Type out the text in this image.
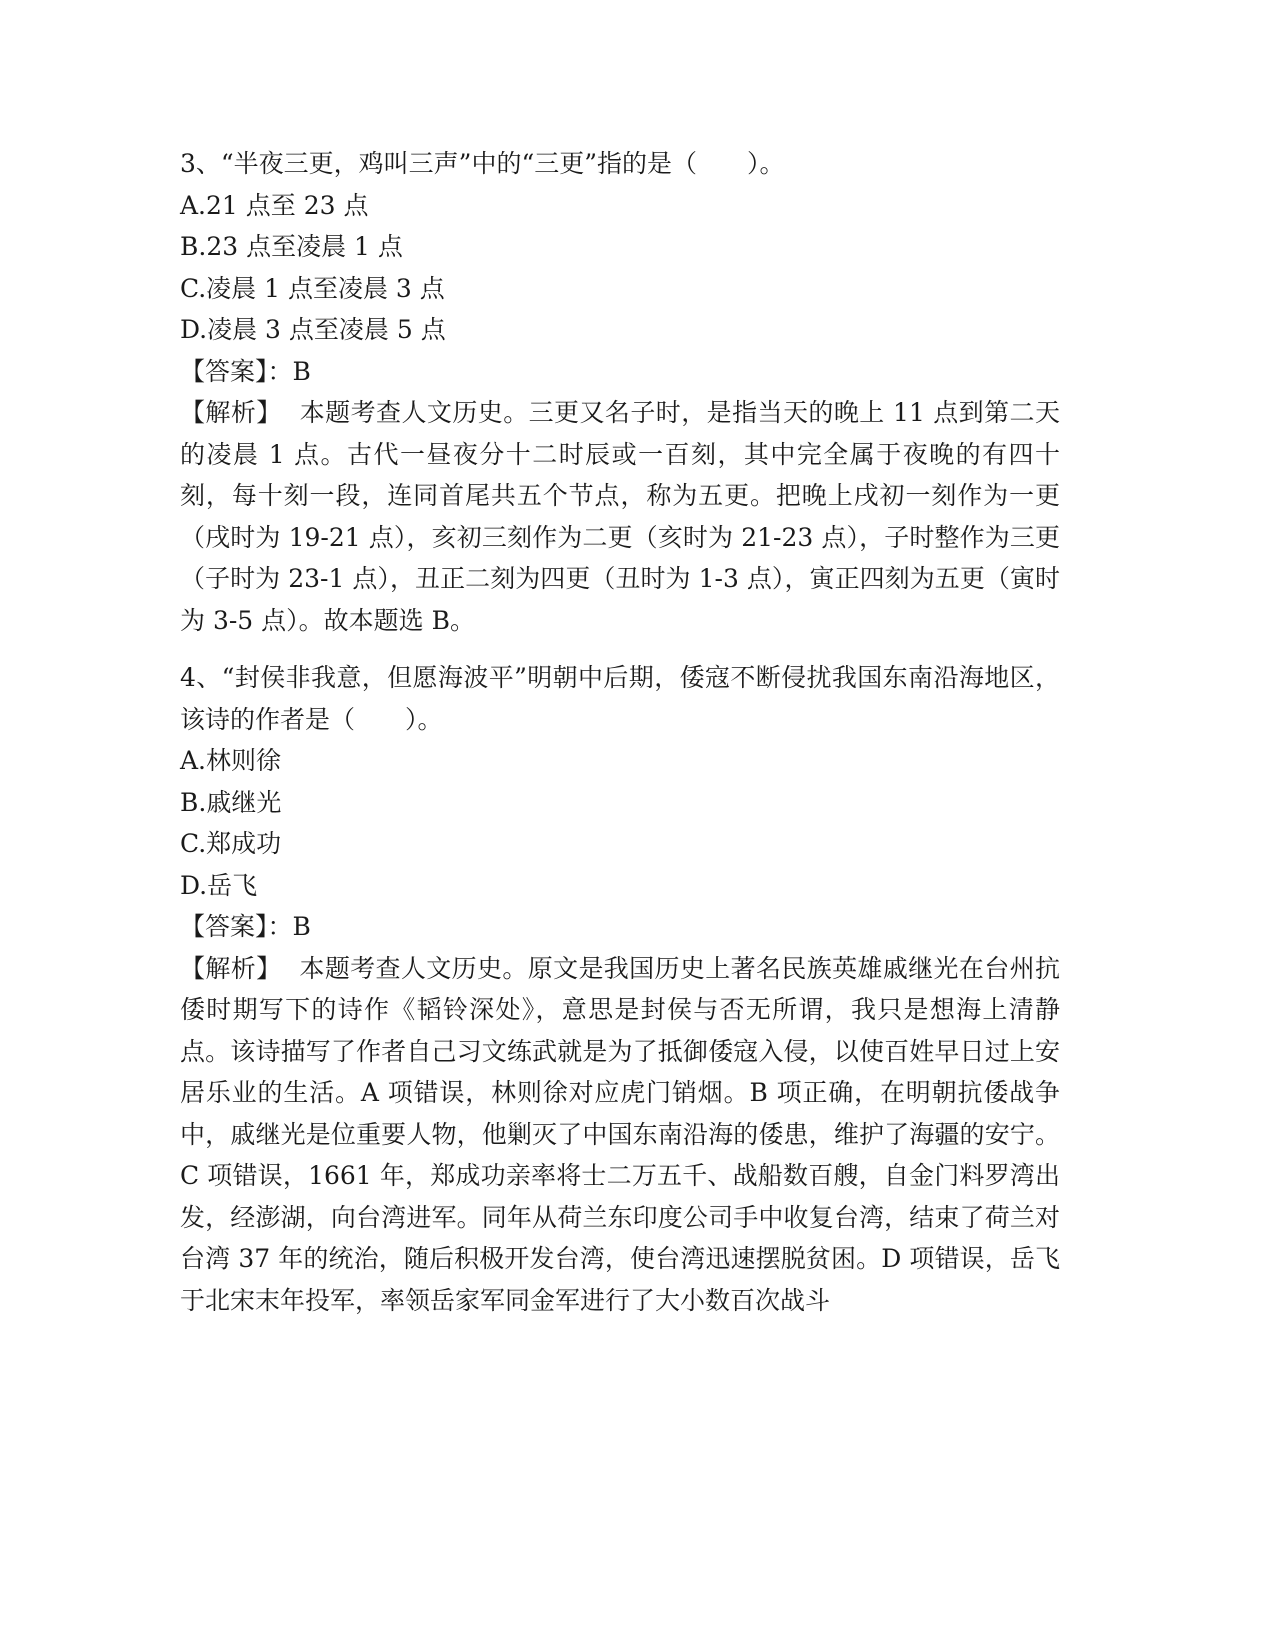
3、“半夜三更，鸡叫三声”中的“三更”指的是（　　）。

A.21 点至 23 点

B.23 点至凌晨 1 点

C.凌晨 1 点至凌晨 3 点

D.凌晨 3 点至凌晨 5 点

【答案】：B

【解析】 本题考查人文历史。三更又名子时，是指当天的晚上 11 点到第二天的凌晨 1 点。古代一昼夜分十二时辰或一百刻，其中完全属于夜晚的有四十刻，每十刻一段，连同首尾共五个节点，称为五更。把晚上戌初一刻作为一更（戌时为 19-21 点），亥初三刻作为二更（亥时为 21-23 点），子时整作为三更（子时为 23-1 点），丑正二刻为四更（丑时为 1-3 点），寅正四刻为五更（寅时为 3-5 点）。故本题选 B。

4、“封侯非我意，但愿海波平”明朝中后期，倭寇不断侵扰我国东南沿海地区，该诗的作者是（　　）。

A.林则徐

B.戚继光

C.郑成功

D.岳飞

【答案】：B

【解析】 本题考查人文历史。原文是我国历史上著名民族英雄戚继光在台州抗倭时期写下的诗作《韬铃深处》，意思是封侯与否无所谓，我只是想海上清静点。该诗描写了作者自己习文练武就是为了抵御倭寇入侵，以使百姓早日过上安居乐业的生活。A 项错误，林则徐对应虎门销烟。B 项正确，在明朝抗倭战争中，戚继光是位重要人物，他剿灭了中国东南沿海的倭患，维护了海疆的安宁。C 项错误，1661 年，郑成功亲率将士二万五千、战船数百艘，自金门料罗湾出发，经澎湖，向台湾进军。同年从荷兰东印度公司手中收复台湾，结束了荷兰对台湾 37 年的统治，随后积极开发台湾，使台湾迅速摆脱贫困。D 项错误，岳飞于北宋末年投军，率领岳家军同金军进行了大小数百次战斗
